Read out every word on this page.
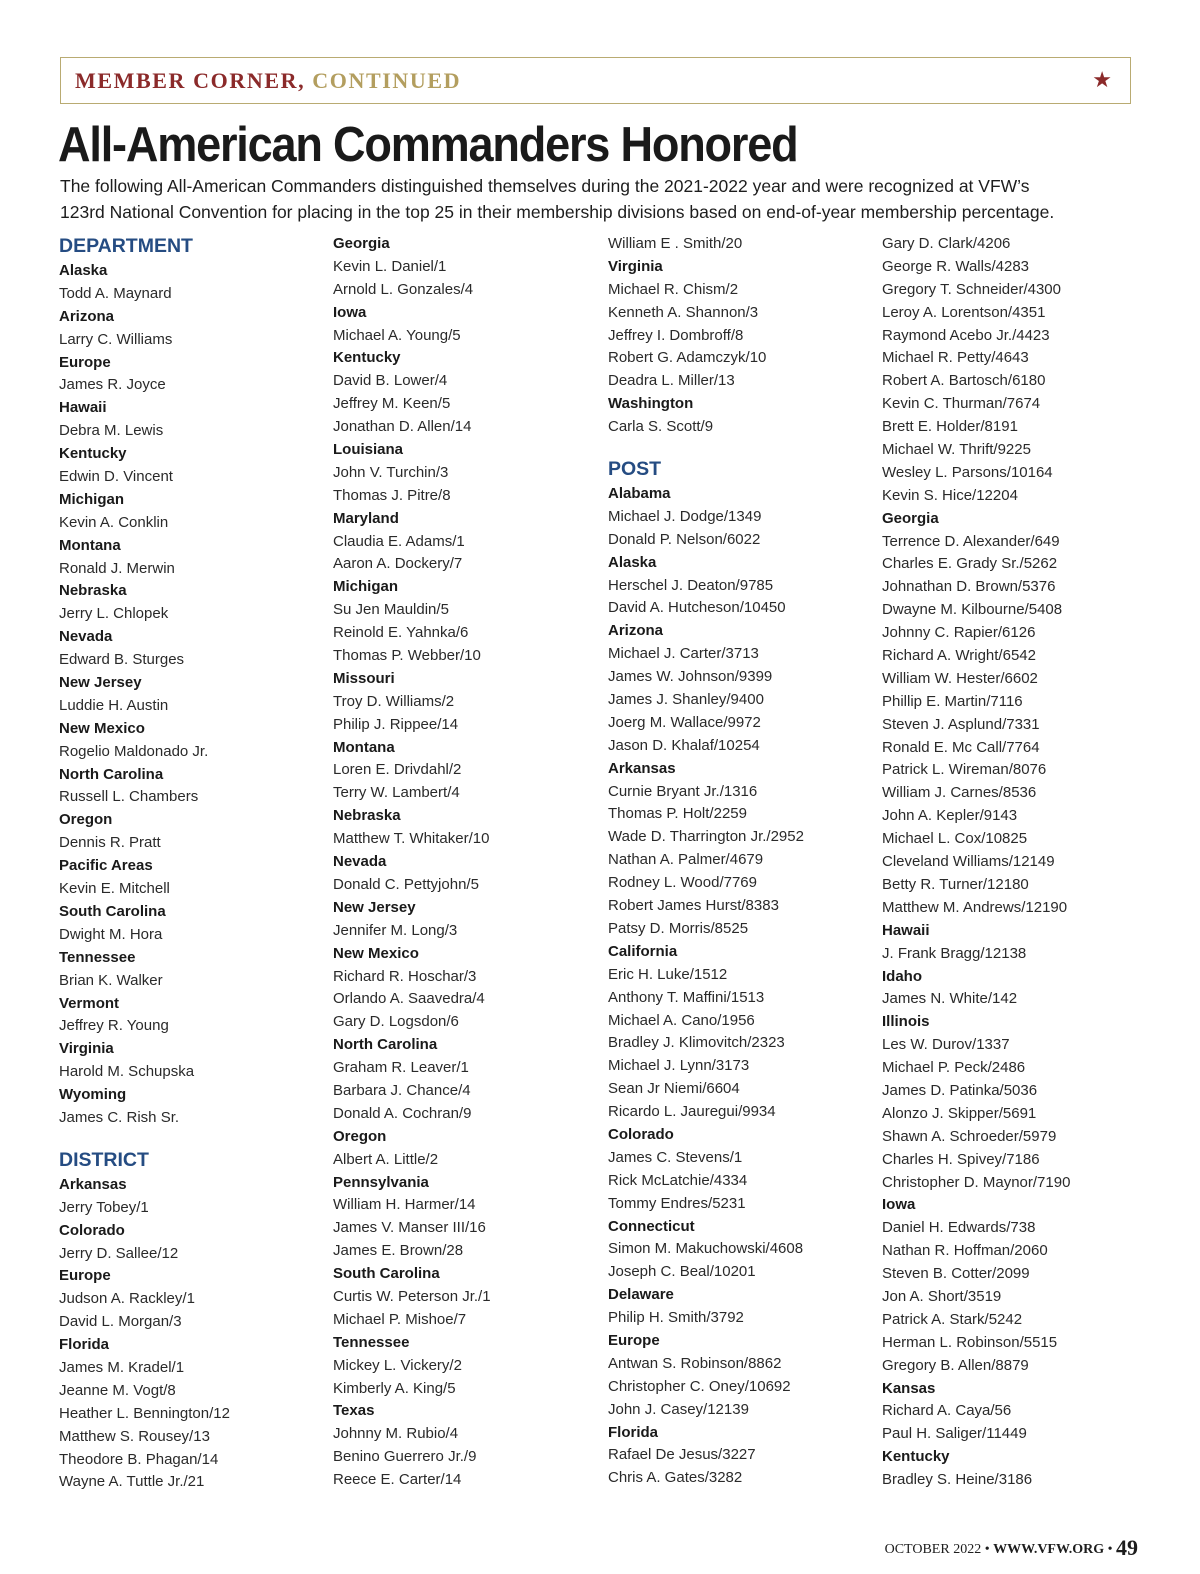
MEMBER CORNER, CONTINUED	★
All-American Commanders Honored

The following All-American Commanders distinguished themselves during the 2021-2022 year and were recognized at VFW’s

123rd National Convention for placing in the top 25 in their membership divisions based on end-of-year membership percentage.

DEPARTMENT
Alaska
Todd A. Maynard
Arizona
Larry C. Williams
Europe
James R. Joyce
Hawaii
Debra M. Lewis
Kentucky
Edwin D. Vincent
Michigan
Kevin A. Conklin
Montana
Ronald J. Merwin
Nebraska
Jerry L. Chlopek
Nevada
Edward B. Sturges
New Jersey
Luddie H. Austin
New Mexico
Rogelio Maldonado Jr.
North Carolina
Russell L. Chambers
Oregon
Dennis R. Pratt
Pacific Areas
Kevin E. Mitchell
South Carolina
Dwight M. Hora
Tennessee
Brian K. Walker
Vermont
Jeffrey R. Young
Virginia
Harold M. Schupska
Wyoming
James C. Rish Sr.
DISTRICT
Arkansas
Jerry Tobey/1
Colorado
Jerry D. Sallee/12
Europe
Judson A. Rackley/1
David L. Morgan/3
Florida
James M. Kradel/1
Jeanne M. Vogt/8
Heather L. Bennington/12
Matthew S. Rousey/13
Theodore B. Phagan/14
Wayne A. Tuttle Jr./21
Georgia
Kevin L. Daniel/1
Arnold L. Gonzales/4
Iowa
Michael A. Young/5
Kentucky
David B. Lower/4
Jeffrey M. Keen/5
Jonathan D. Allen/14
Louisiana
John V. Turchin/3
Thomas J. Pitre/8
Maryland
Claudia E. Adams/1
Aaron A. Dockery/7
Michigan
Su Jen Mauldin/5
Reinold E. Yahnka/6
Thomas P. Webber/10
Missouri
Troy D. Williams/2
Philip J. Rippee/14
Montana
Loren E. Drivdahl/2
Terry W. Lambert/4
Nebraska
Matthew T. Whitaker/10
Nevada
Donald C. Pettyjohn/5
New Jersey
Jennifer M. Long/3
New Mexico
Richard R. Hoschar/3
Orlando A. Saavedra/4
Gary D. Logsdon/6
North Carolina
Graham R. Leaver/1
Barbara J. Chance/4
Donald A. Cochran/9
Oregon
Albert A. Little/2
Pennsylvania
William H. Harmer/14
James V. Manser III/16
James E. Brown/28
South Carolina
Curtis W. Peterson Jr./1
Michael P. Mishoe/7
Tennessee
Mickey L. Vickery/2
Kimberly A. King/5
Texas
Johnny M. Rubio/4
Benino Guerrero Jr./9
Reece E. Carter/14
William E . Smith/20
Virginia
Michael R. Chism/2
Kenneth A. Shannon/3
Jeffrey I. Dombroff/8
Robert G. Adamczyk/10
Deadra L. Miller/13
Washington
Carla S. Scott/9
POST
Alabama
Michael J. Dodge/1349
Donald P. Nelson/6022
Alaska
Herschel J. Deaton/9785
David A. Hutcheson/10450
Arizona
Michael J. Carter/3713
James W. Johnson/9399
James J. Shanley/9400
Joerg M. Wallace/9972
Jason D. Khalaf/10254
Arkansas
Curnie Bryant Jr./1316
Thomas P. Holt/2259
Wade D. Tharrington Jr./2952
Nathan A. Palmer/4679
Rodney L. Wood/7769
Robert James Hurst/8383
Patsy D. Morris/8525
California
Eric H. Luke/1512
Anthony T. Maffini/1513
Michael A. Cano/1956
Bradley J. Klimovitch/2323
Michael J. Lynn/3173
Sean Jr Niemi/6604
Ricardo L. Jauregui/9934
Colorado
James C. Stevens/1
Rick McLatchie/4334
Tommy Endres/5231
Connecticut
Simon M. Makuchowski/4608
Joseph C. Beal/10201
Delaware
Philip H. Smith/3792
Europe
Antwan S. Robinson/8862
Christopher C. Oney/10692
John J. Casey/12139
Florida
Rafael De Jesus/3227
Chris A. Gates/3282
Gary D. Clark/4206
George R. Walls/4283
Gregory T. Schneider/4300
Leroy A. Lorentson/4351
Raymond Acebo Jr./4423
Michael R. Petty/4643
Robert A. Bartosch/6180
Kevin C. Thurman/7674
Brett E. Holder/8191
Michael W. Thrift/9225
Wesley L. Parsons/10164
Kevin S. Hice/12204
Georgia
Terrence D. Alexander/649
Charles E. Grady Sr./5262
Johnathan D. Brown/5376
Dwayne M. Kilbourne/5408
Johnny C. Rapier/6126
Richard A. Wright/6542
William W. Hester/6602
Phillip E. Martin/7116
Steven J. Asplund/7331
Ronald E. Mc Call/7764
Patrick L. Wireman/8076
William J. Carnes/8536
John A. Kepler/9143
Michael L. Cox/10825
Cleveland Williams/12149
Betty R. Turner/12180
Matthew M. Andrews/12190
Hawaii
J. Frank Bragg/12138
Idaho
James N. White/142
Illinois
Les W. Durov/1337
Michael P. Peck/2486
James D. Patinka/5036
Alonzo J. Skipper/5691
Shawn A. Schroeder/5979
Charles H. Spivey/7186
Christopher D. Maynor/7190
Iowa
Daniel H. Edwards/738
Nathan R. Hoffman/2060
Steven B. Cotter/2099
Jon A. Short/3519
Patrick A. Stark/5242
Herman L. Robinson/5515
Gregory B. Allen/8879
Kansas
Richard A. Caya/56
Paul H. Saliger/11449
Kentucky
Bradley S. Heine/3186
OCTOBER 2022 • WWW.VFW.ORG • 49
